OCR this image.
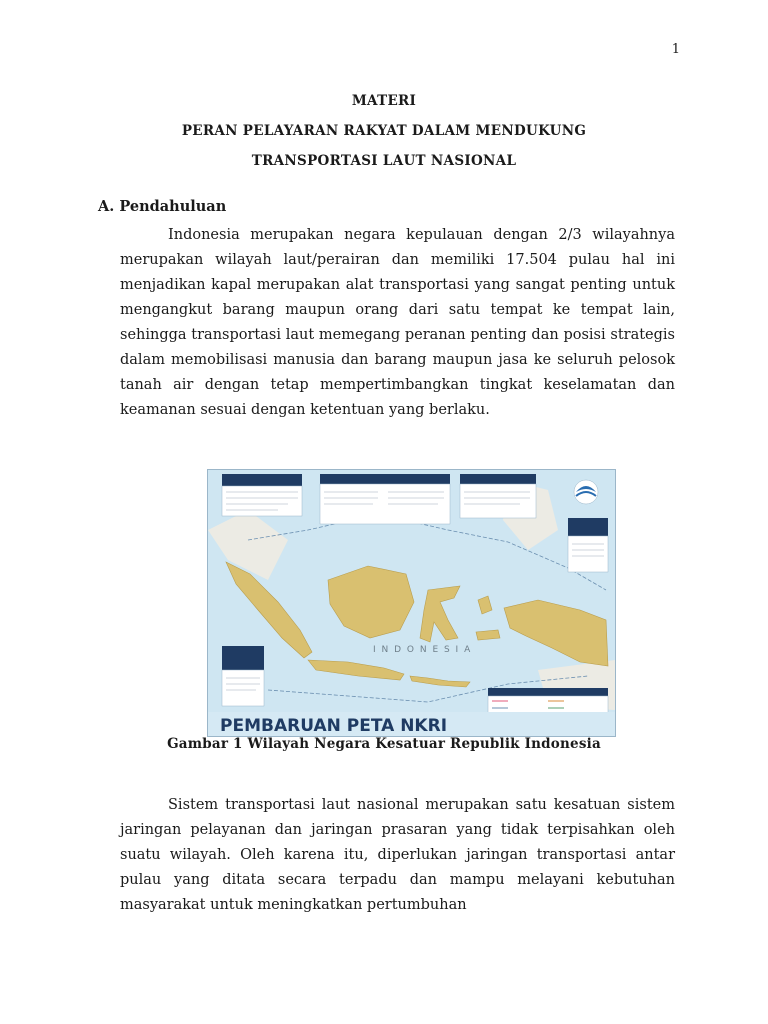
1
MATERI
PERAN PELAYARAN RAKYAT DALAM MENDUKUNG
TRANSPORTASI LAUT NASIONAL
A. Pendahuluan

Indonesia merupakan negara kepulauan dengan 2/3 wilayahnya merupakan wilayah laut/perairan dan memiliki 17.504 pulau hal ini menjadikan kapal merupakan alat transportasi yang sangat penting untuk mengangkut barang maupun orang dari satu tempat ke tempat lain, sehingga transportasi laut memegang peranan penting dan posisi strategis dalam memobilisasi manusia dan barang maupun jasa ke seluruh pelosok tanah air dengan tetap mempertimbangkan tingkat keselamatan dan keamanan sesuai dengan ketentuan yang berlaku.

I N D O N E S I A
PEMBARUAN PETA NKRI
Gambar 1 Wilayah Negara Kesatuar Republik Indonesia

Sistem transportasi laut nasional merupakan satu kesatuan sistem jaringan pelayanan dan jaringan prasaran yang tidak terpisahkan oleh suatu wilayah. Oleh karena itu, diperlukan jaringan transportasi antar pulau yang ditata secara terpadu dan mampu melayani kebutuhan masyarakat untuk meningkatkan pertumbuhan
